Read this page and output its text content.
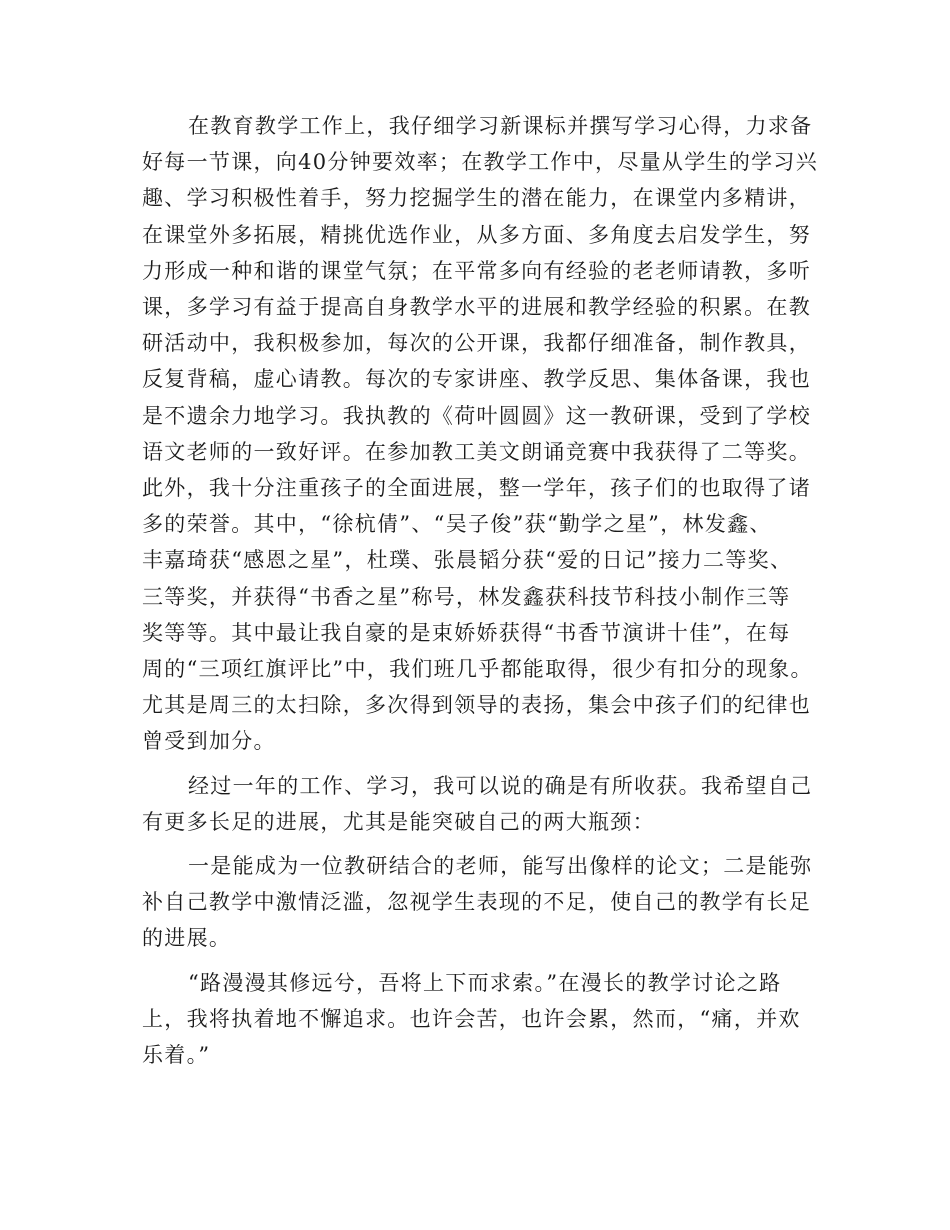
在教育教学工作上，我仔细学习新课标并撰写学习心得，力求备
好每一节课，向40分钟要效率；在教学工作中，尽量从学生的学习兴
趣、学习积极性着手，努力挖掘学生的潜在能力，在课堂内多精讲，
在课堂外多拓展，精挑优选作业，从多方面、多角度去启发学生，努
力形成一种和谐的课堂气氛；在平常多向有经验的老老师请教，多听
课，多学习有益于提高自身教学水平的进展和教学经验的积累。在教
研活动中，我积极参加，每次的公开课，我都仔细准备，制作教具，
反复背稿，虚心请教。每次的专家讲座、教学反思、集体备课，我也
是不遗余力地学习。我执教的《荷叶圆圆》这一教研课，受到了学校
语文老师的一致好评。在参加教工美文朗诵竞赛中我获得了二等奖。
此外，我十分注重孩子的全面进展，整一学年，孩子们的也取得了诸
多的荣誉。其中，“徐杭倩”、“吴子俊”获“勤学之星”，林发鑫、
丰嘉琦获“感恩之星”，杜璞、张晨韬分获“爱的日记”接力二等奖、
三等奖，并获得“书香之星”称号，林发鑫获科技节科技小制作三等
奖等等。其中最让我自豪的是束娇娇获得“书香节演讲十佳”，在每
周的“三项红旗评比”中，我们班几乎都能取得，很少有扣分的现象。
尤其是周三的太扫除，多次得到领导的表扬，集会中孩子们的纪律也
曾受到加分。

经过一年的工作、学习，我可以说的确是有所收获。我希望自己
有更多长足的进展，尤其是能突破自己的两大瓶颈：

一是能成为一位教研结合的老师，能写出像样的论文；二是能弥
补自己教学中激情泛滥，忽视学生表现的不足，使自己的教学有长足
的进展。

“路漫漫其修远兮，吾将上下而求索。”在漫长的教学讨论之路
上，我将执着地不懈追求。也许会苦，也许会累，然而，“痛，并欢
乐着。”
